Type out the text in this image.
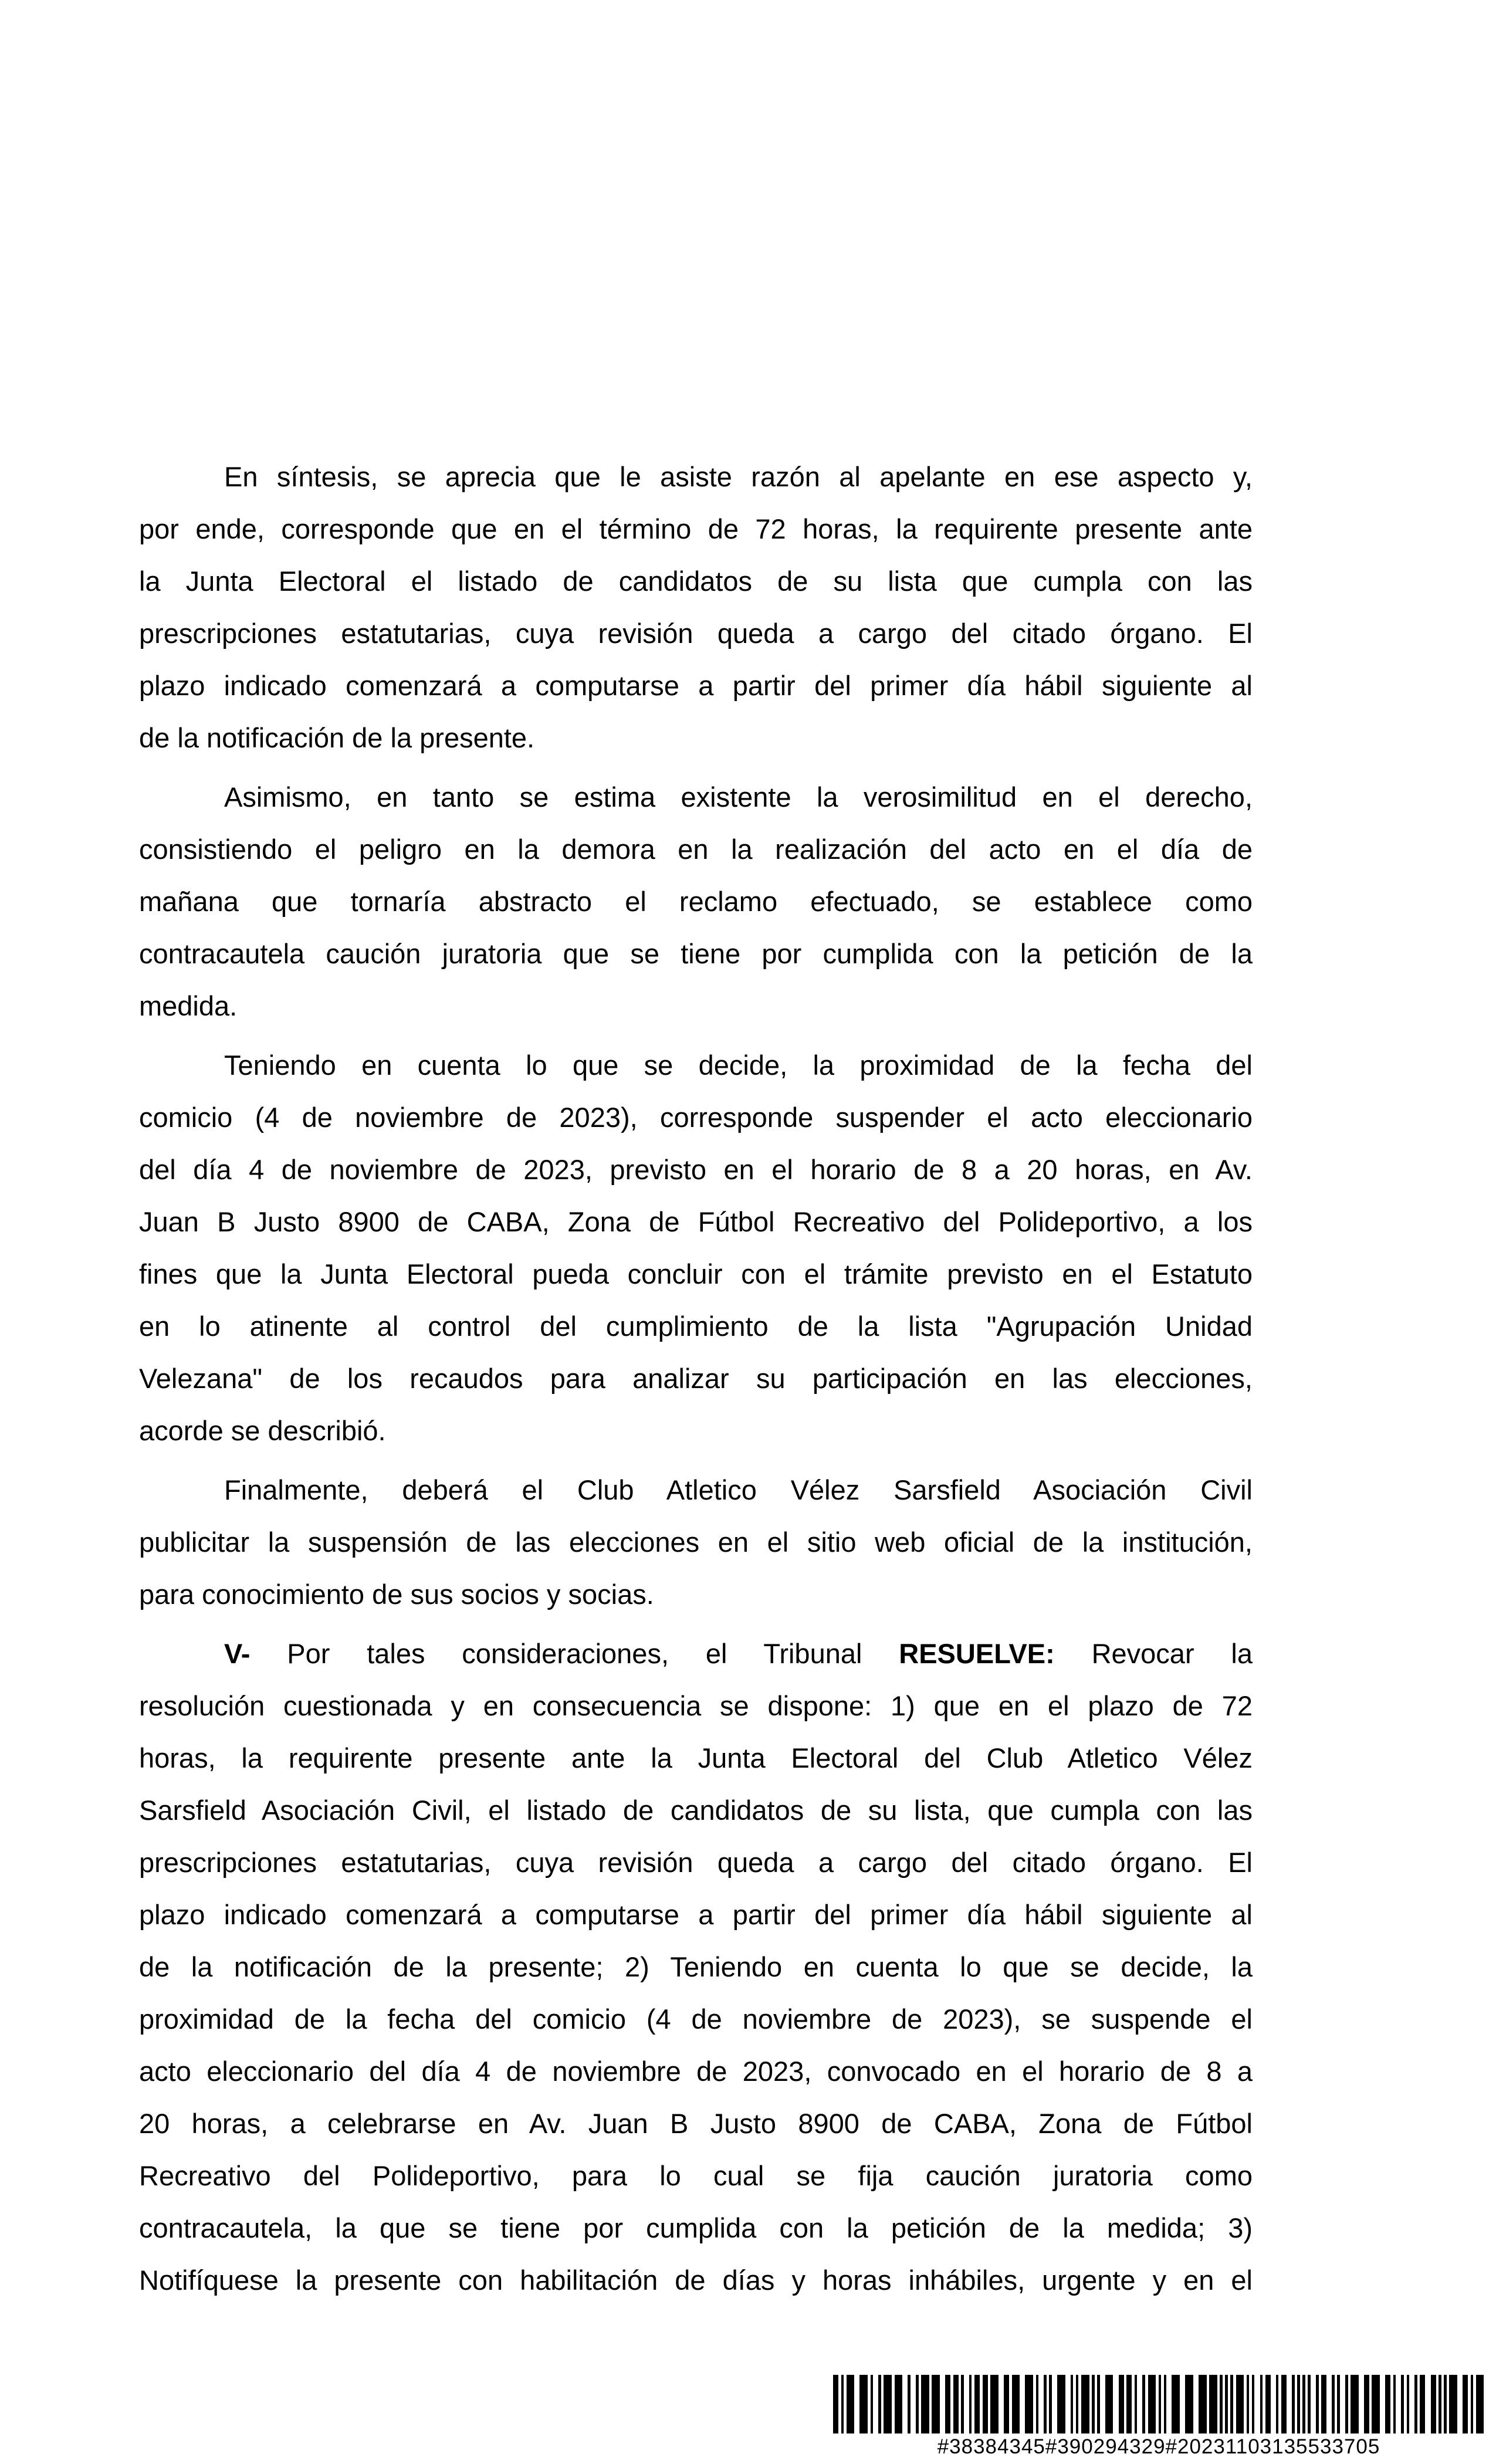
En síntesis, se aprecia que le asiste razón al apelante en ese aspecto y,
por ende, corresponde que en el término de 72 horas, la requirente presente ante
la Junta Electoral el listado de candidatos de su lista que cumpla con las
prescripciones estatutarias, cuya revisión queda a cargo del citado órgano. El
plazo indicado comenzará a computarse a partir del primer día hábil siguiente al
de la notificación de la presente.
Asimismo, en tanto se estima existente la verosimilitud en el derecho,
consistiendo el peligro en la demora en la realización del acto en el día de
mañana que tornaría abstracto el reclamo efectuado, se establece como
contracautela caución juratoria que se tiene por cumplida con la petición de la
medida.
Teniendo en cuenta lo que se decide, la proximidad de la fecha del
comicio (4 de noviembre de 2023), corresponde suspender el acto eleccionario
del día 4 de noviembre de 2023, previsto en el horario de 8 a 20 horas, en Av.
Juan B Justo 8900 de CABA, Zona de Fútbol Recreativo del Polideportivo, a los
fines que la Junta Electoral pueda concluir con el trámite previsto en el Estatuto
en lo atinente al control del cumplimiento de la lista "Agrupación Unidad
Velezana" de los recaudos para analizar su participación en las elecciones,
acorde se describió.
Finalmente, deberá el Club Atletico Vélez Sarsfield Asociación Civil
publicitar la suspensión de las elecciones en el sitio web oficial de la institución,
para conocimiento de sus socios y socias.
V- Por tales consideraciones, el Tribunal RESUELVE: Revocar la
resolución cuestionada y en consecuencia se dispone: 1) que en el plazo de 72
horas, la requirente presente ante la Junta Electoral del Club Atletico Vélez
Sarsfield Asociación Civil, el listado de candidatos de su lista, que cumpla con las
prescripciones estatutarias, cuya revisión queda a cargo del citado órgano. El
plazo indicado comenzará a computarse a partir del primer día hábil siguiente al
de la notificación de la presente; 2) Teniendo en cuenta lo que se decide, la
proximidad de la fecha del comicio (4 de noviembre de 2023), se suspende el
acto eleccionario del día 4 de noviembre de 2023, convocado en el horario de 8 a
20 horas, a celebrarse en Av. Juan B Justo 8900 de CABA, Zona de Fútbol
Recreativo del Polideportivo, para lo cual se fija caución juratoria como
contracautela, la que se tiene por cumplida con la petición de la medida; 3)
Notifíquese la presente con habilitación de días y horas inhábiles, urgente y en el
#38384345#390294329#20231103135533705
